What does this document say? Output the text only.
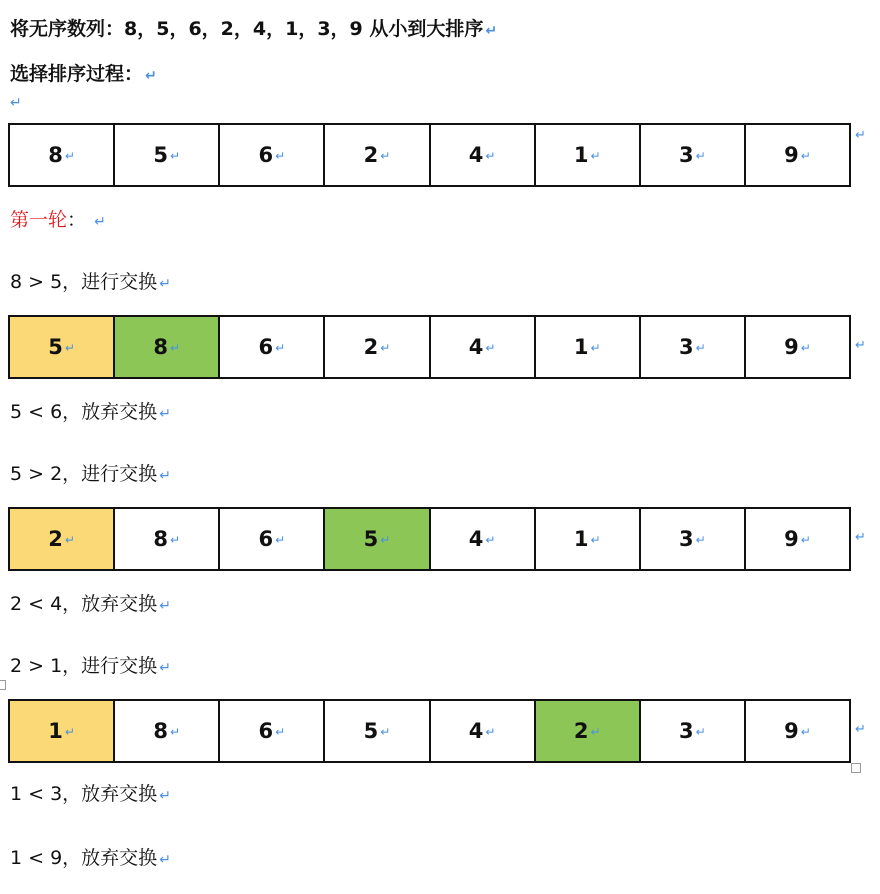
将无序数列：8，5，6，2，4，1，3，9 从小到大排序 ↵
选择排序过程： ↵
↵
8 ↵	5 ↵	6 ↵	2 ↵	4 ↵	1 ↵	3 ↵	9 ↵
↵
第一轮： ↵
8 > 5，进行交换 ↵
5 ↵	8 ↵	6 ↵	2 ↵	4 ↵	1 ↵	3 ↵	9 ↵	↵
5 < 6，放弃交换 ↵
5 > 2，进行交换 ↵
2 ↵	8 ↵	6 ↵	5 ↵	4 ↵	1 ↵	3 ↵	9 ↵	↵
2 < 4，放弃交换 ↵
2 > 1，进行交换 ↵
1 ↵	8 ↵	6 ↵	5 ↵	4 ↵	2 ↵	3 ↵	9 ↵	↵
1 < 3，放弃交换 ↵
1 < 9，放弃交换 ↵
